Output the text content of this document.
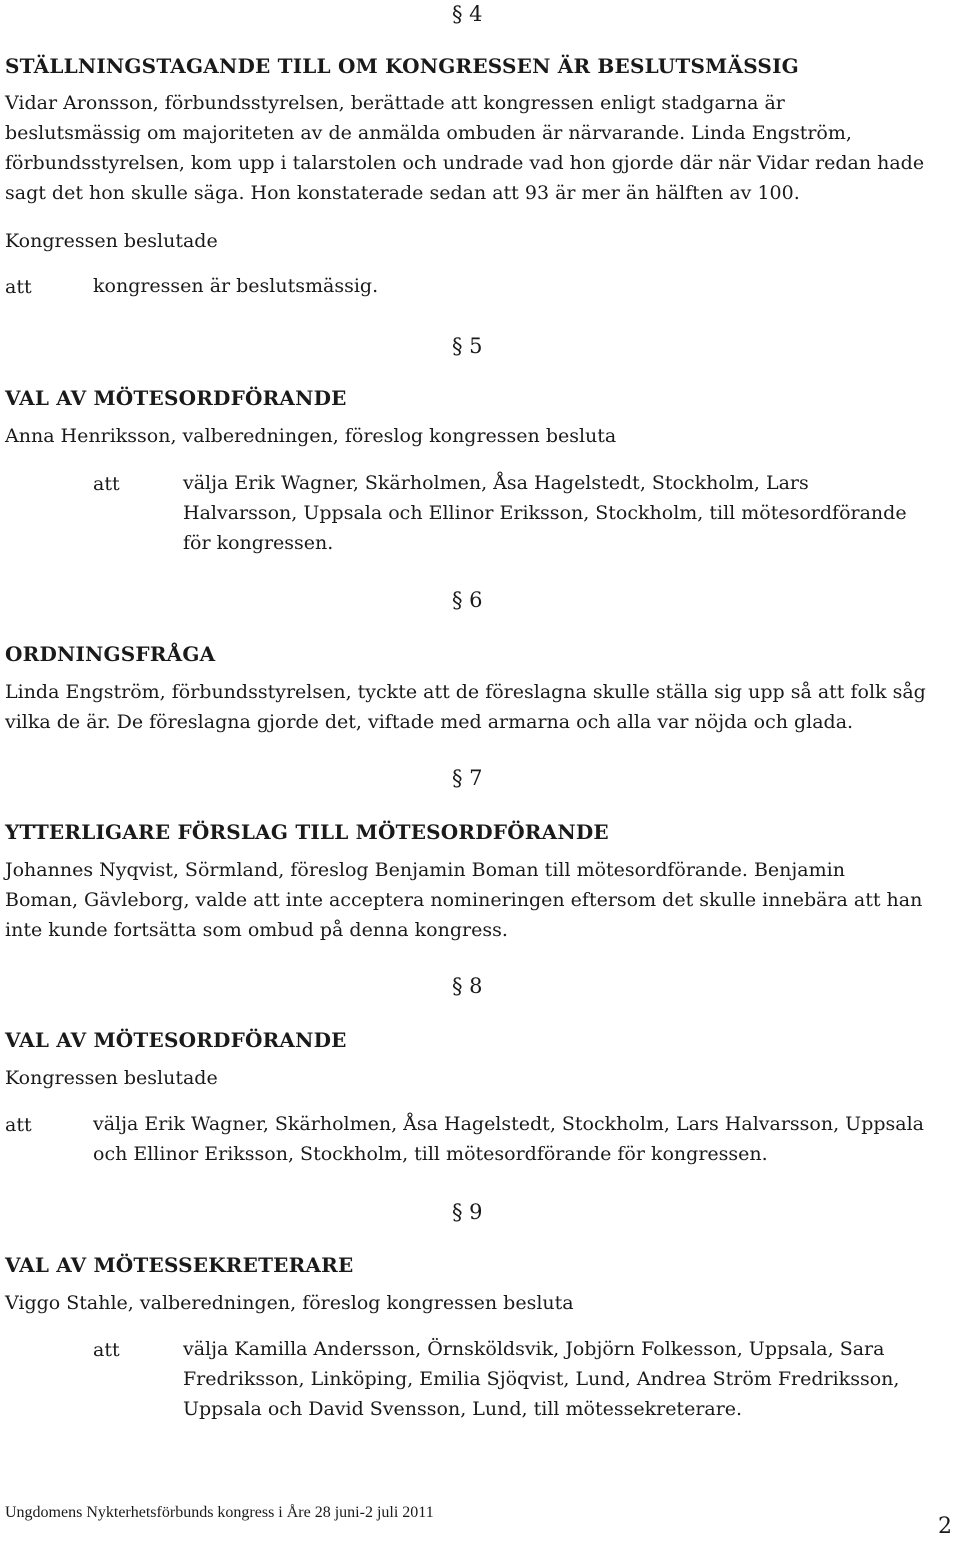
§ 4
STÄLLNINGSTAGANDE TILL OM KONGRESSEN ÄR BESLUTSMÄSSIG
Vidar Aronsson, förbundsstyrelsen, berättade att kongressen enligt stadgarna är
beslutsmässig om majoriteten av de anmälda ombuden är närvarande. Linda Engström,
förbundsstyrelsen, kom upp i talarstolen och undrade vad hon gjorde där när Vidar redan hade
sagt det hon skulle säga. Hon konstaterade sedan att 93 är mer än hälften av 100.
Kongressen beslutade
att	kongressen är beslutsmässig.
§ 5
VAL AV MÖTESORDFÖRANDE
Anna Henriksson, valberedningen, föreslog kongressen besluta
att	välja Erik Wagner, Skärholmen, Åsa Hagelstedt, Stockholm, Lars
Halvarsson, Uppsala och Ellinor Eriksson, Stockholm, till mötesordförande
för kongressen.
§ 6
ORDNINGSFRÅGA
Linda Engström, förbundsstyrelsen, tyckte att de föreslagna skulle ställa sig upp så att folk såg
vilka de är. De föreslagna gjorde det, viftade med armarna och alla var nöjda och glada.
§ 7
YTTERLIGARE FÖRSLAG TILL MÖTESORDFÖRANDE
Johannes Nyqvist, Sörmland, föreslog Benjamin Boman till mötesordförande. Benjamin
Boman, Gävleborg, valde att inte acceptera nomineringen eftersom det skulle innebära att han
inte kunde fortsätta som ombud på denna kongress.
§ 8
VAL AV MÖTESORDFÖRANDE
Kongressen beslutade
att	välja Erik Wagner, Skärholmen, Åsa Hagelstedt, Stockholm, Lars Halvarsson, Uppsala
och Ellinor Eriksson, Stockholm, till mötesordförande för kongressen.
§ 9
VAL AV MÖTESSEKRETERARE
Viggo Stahle, valberedningen, föreslog kongressen besluta
att	välja Kamilla Andersson, Örnsköldsvik, Jobjörn Folkesson, Uppsala, Sara
Fredriksson, Linköping, Emilia Sjöqvist, Lund, Andrea Ström Fredriksson,
Uppsala och David Svensson, Lund, till mötessekreterare.
Ungdomens Nykterhetsförbunds kongress i Åre 28 juni-2 juli 2011
2
